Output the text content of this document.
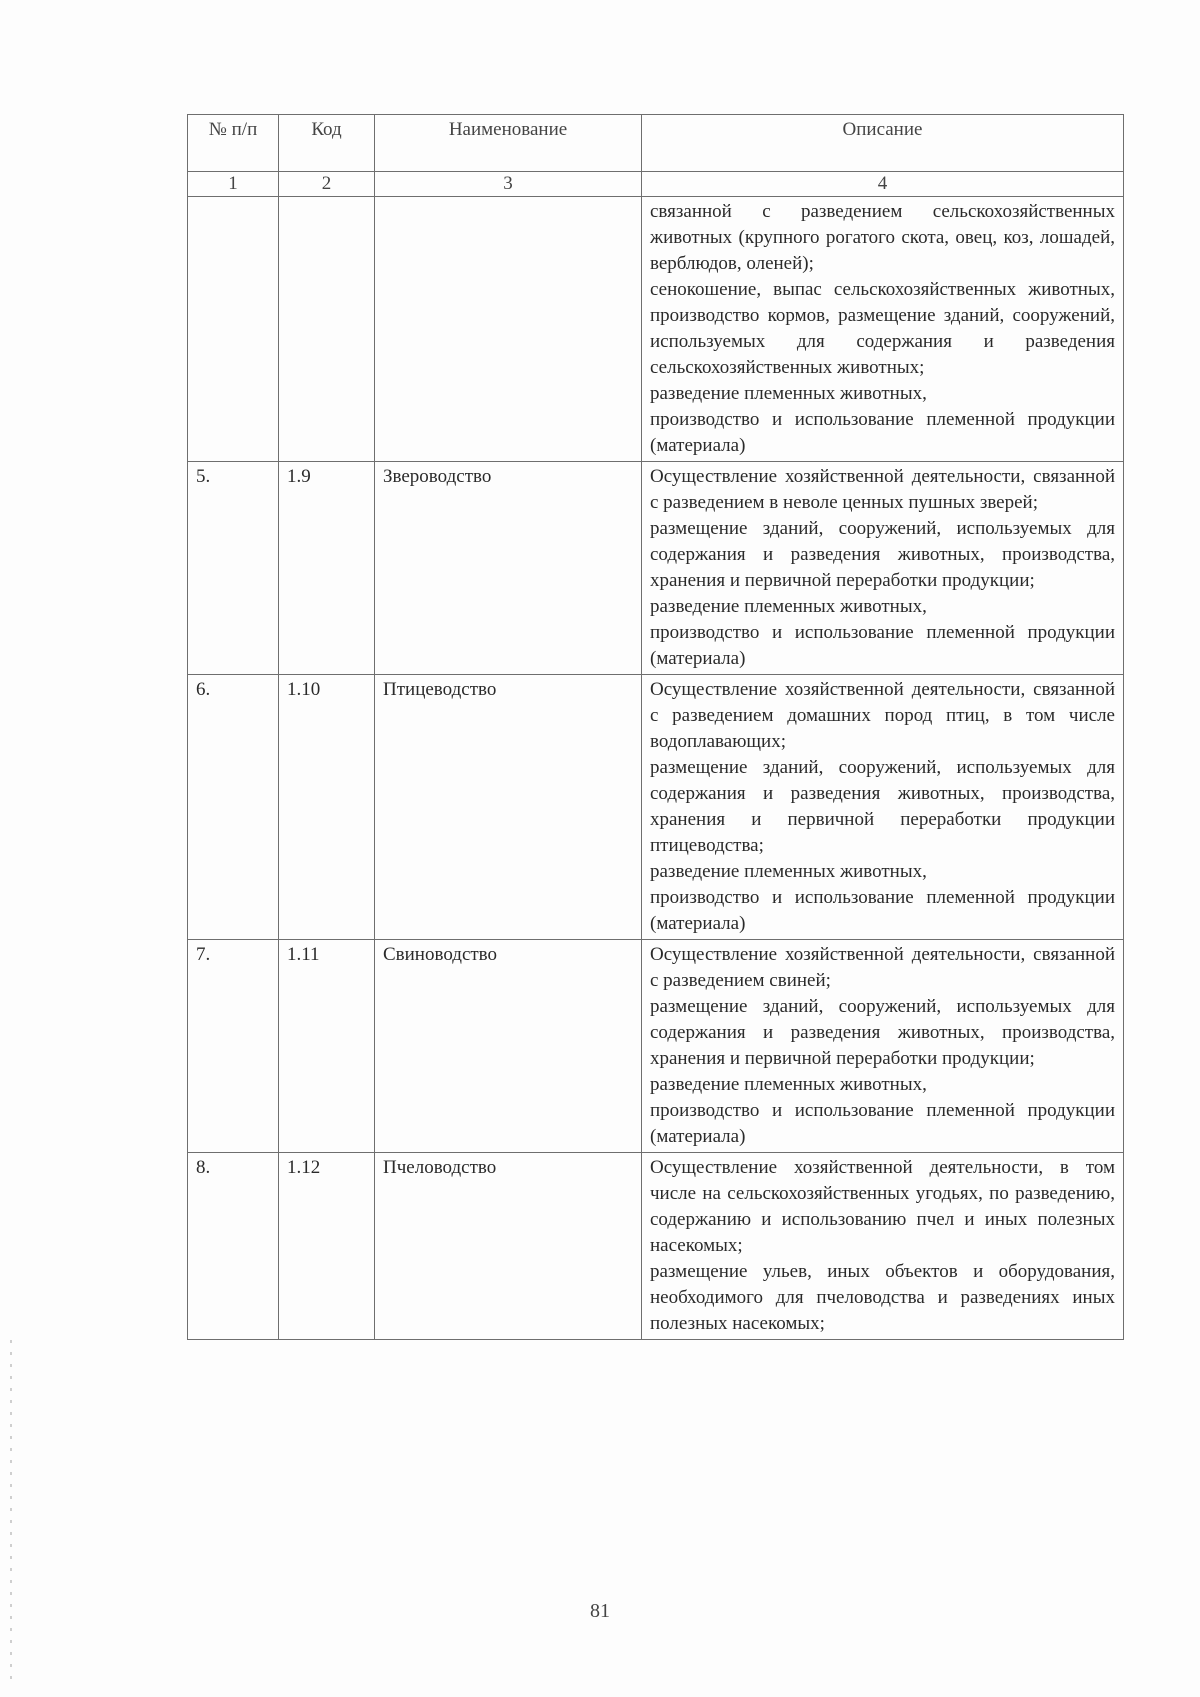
№ п/п	Код	Наименование	Описание
1	2	3	4

			связанной с разведением сельскохозяйственных животных (крупного рогатого скота, овец, коз, лошадей, верблюдов, оленей);
сенокошение, выпас сельскохозяйственных животных, производство кормов, размещение зданий, сооружений, используемых для содержания и разведения сельскохозяйственных животных;
разведение племенных животных,
производство и использование племенной продукции (материала)

5.	1.9	Звероводство	Осуществление хозяйственной деятельности, связанной с разведением в неволе ценных пушных зверей;
размещение зданий, сооружений, используемых для содержания и разведения животных, производства, хранения и первичной переработки продукции;
разведение племенных животных,
производство и использование племенной продукции (материала)

6.	1.10	Птицеводство	Осуществление хозяйственной деятельности, связанной с разведением домашних пород птиц, в том числе водоплавающих;
размещение зданий, сооружений, используемых для содержания и разведения животных, производства, хранения и первичной переработки продукции птицеводства;
разведение племенных животных,
производство и использование племенной продукции (материала)

7.	1.11	Свиноводство	Осуществление хозяйственной деятельности, связанной с разведением свиней;
размещение зданий, сооружений, используемых для содержания и разведения животных, производства, хранения и первичной переработки продукции;
разведение племенных животных,
производство и использование племенной продукции (материала)

8.	1.12	Пчеловодство	Осуществление хозяйственной деятельности, в том числе на сельскохозяйственных угодьях, по разведению, содержанию и использованию пчел и иных полезных насекомых;
размещение ульев, иных объектов и оборудования, необходимого для пчеловодства и разведениях иных полезных насекомых;
81
